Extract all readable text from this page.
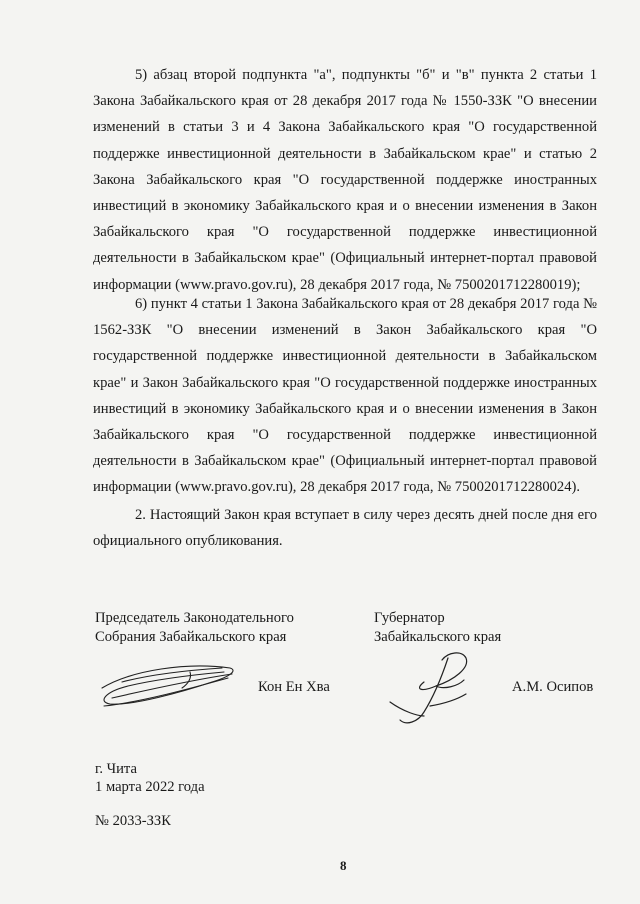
5) абзац второй подпункта "а", подпункты "б" и "в" пункта 2 статьи 1 Закона Забайкальского края от 28 декабря 2017 года № 1550-ЗЗК "О внесении изменений в статьи 3 и 4 Закона Забайкальского края "О государственной поддержке инвестиционной деятельности в Забайкальском крае" и статью 2 Закона Забайкальского края "О государственной поддержке иностранных инвестиций в экономику Забайкальского края и о внесении изменения в Закон Забайкальского края "О государственной поддержке инвестиционной деятельности в Забайкальском крае" (Официальный интернет-портал правовой информации (www.pravo.gov.ru), 28 декабря 2017 года, № 7500201712280019);

6) пункт 4 статьи 1 Закона Забайкальского края от 28 декабря 2017 года № 1562-ЗЗК "О внесении изменений в Закон Забайкальского края "О государственной поддержке инвестиционной деятельности в Забайкальском крае" и Закон Забайкальского края "О государственной поддержке иностранных инвестиций в экономику Забайкальского края и о внесении изменения в Закон Забайкальского края "О государственной поддержке инвестиционной деятельности в Забайкальском крае" (Официальный интернет-портал правовой информации (www.pravo.gov.ru), 28 декабря 2017 года, № 7500201712280024).

2. Настоящий Закон края вступает в силу через десять дней после дня его официального опубликования.

Председатель Законодательного
Собрания Забайкальского края
Кон Ен Хва
Губернатор
Забайкальского края
А.М. Осипов
г. Чита
1 марта 2022 года
№ 2033-ЗЗК
8
